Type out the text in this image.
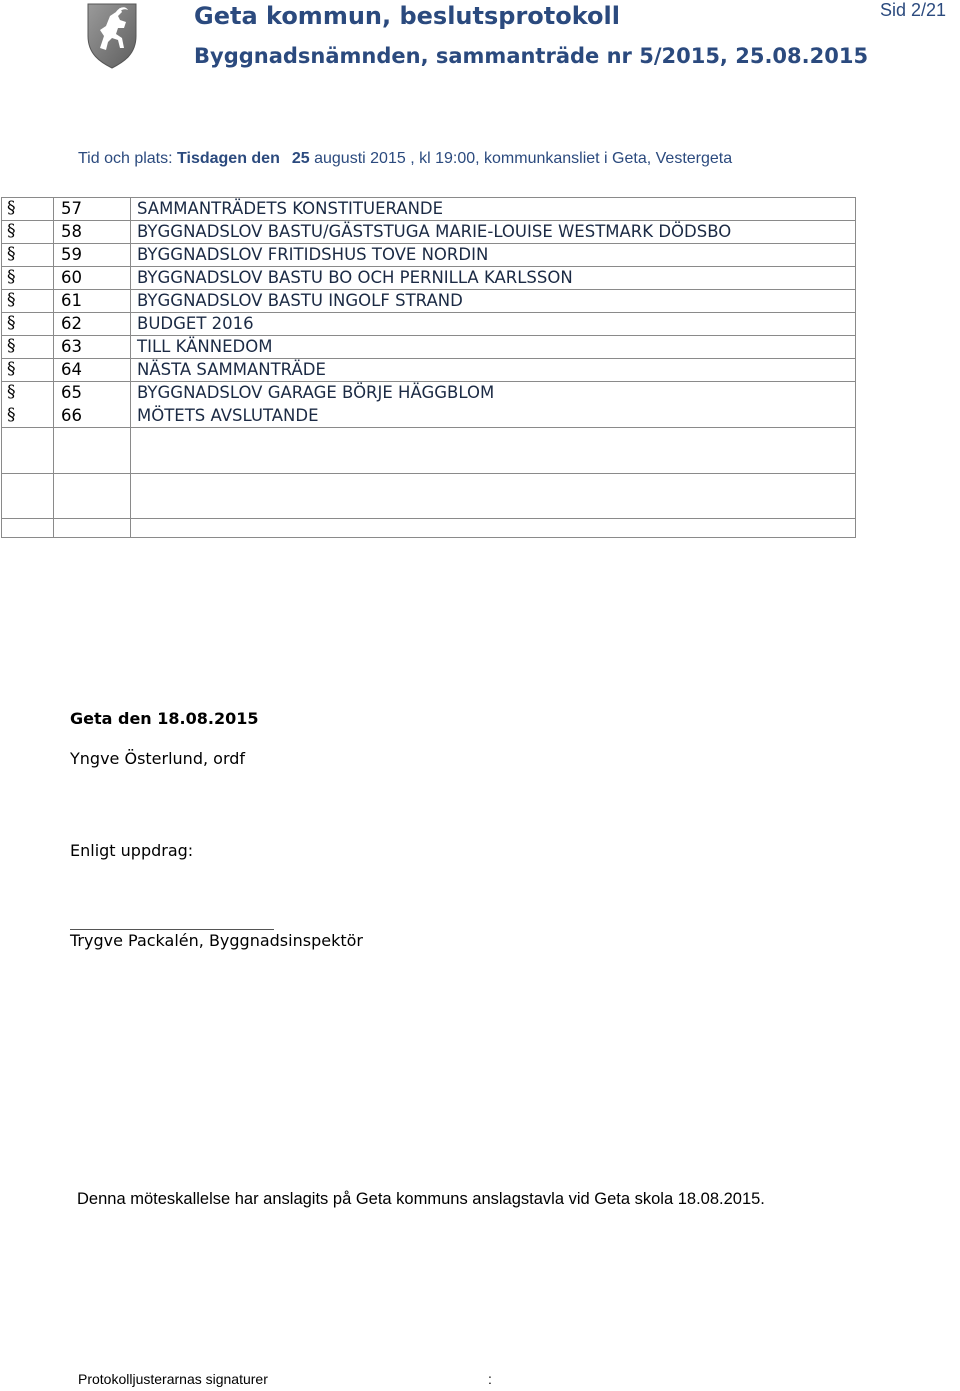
Geta kommun, beslutsprotokoll
Byggnadsnämnden, sammanträde nr 5/2015, 25.08.2015
Sid 2/21
Tid och plats: Tisdagen den 25 augusti 2015 , kl 19:00, kommunkansliet i Geta, Vestergeta
§	57	SAMMANTRÄDETS KONSTITUERANDE
§	58	BYGGNADSLOV BASTU/GÄSTSTUGA MARIE-LOUISE WESTMARK DÖDSBO
§	59	BYGGNADSLOV FRITIDSHUS TOVE NORDIN
§	60	BYGGNADSLOV BASTU BO OCH PERNILLA KARLSSON
§	61	BYGGNADSLOV BASTU INGOLF STRAND
§	62	BUDGET 2016
§	63	TILL KÄNNEDOM
§	64	NÄSTA SAMMANTRÄDE
§	65	BYGGNADSLOV GARAGE BÖRJE HÄGGBLOM
§	66	MÖTETS AVSLUTANDE
Geta den 18.08.2015
Yngve Österlund, ordf
Enligt uppdrag:
Trygve Packalén, Byggnadsinspektör
Denna möteskallelse har anslagits på Geta kommuns anslagstavla vid Geta skola 18.08.2015.
Protokolljusterarnas signaturer	:
